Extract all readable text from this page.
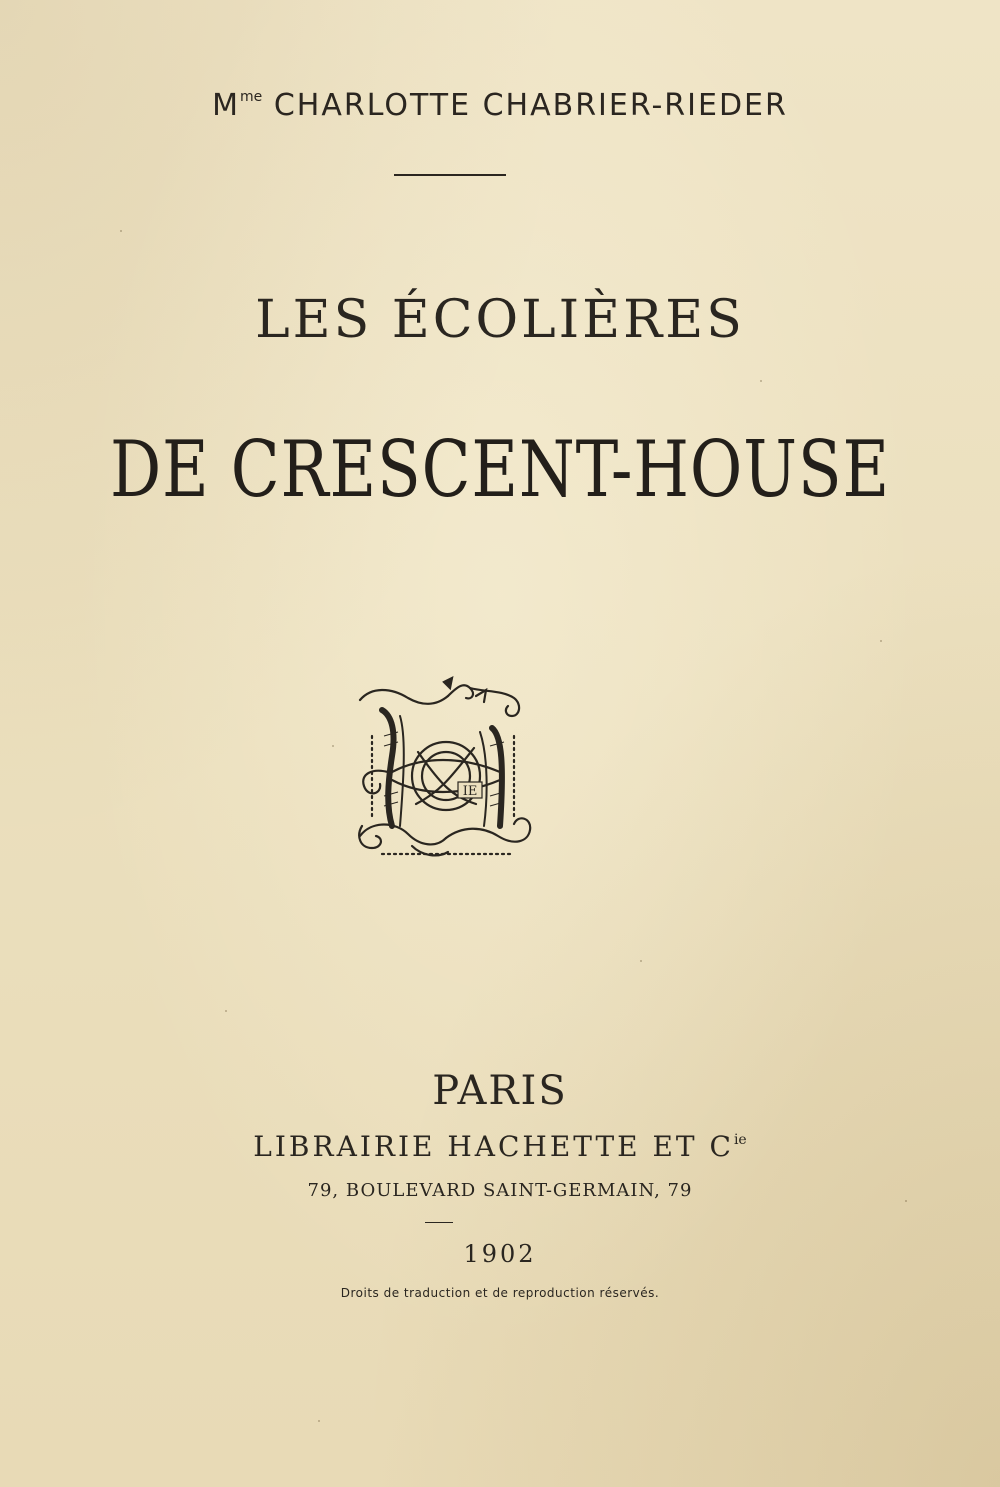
$M^{me}$ CHARLOTTE CHABRIER-RIEDER
LES ÉCOLIÈRES
DE CRESCENT-HOUSE
IE
PARIS
LIBRAIRIE HACHETTE ET $C^{ie}$
79, BOULEVARD SAINT-GERMAIN, 79
1902
Droits de traduction et de reproduction réservés.
